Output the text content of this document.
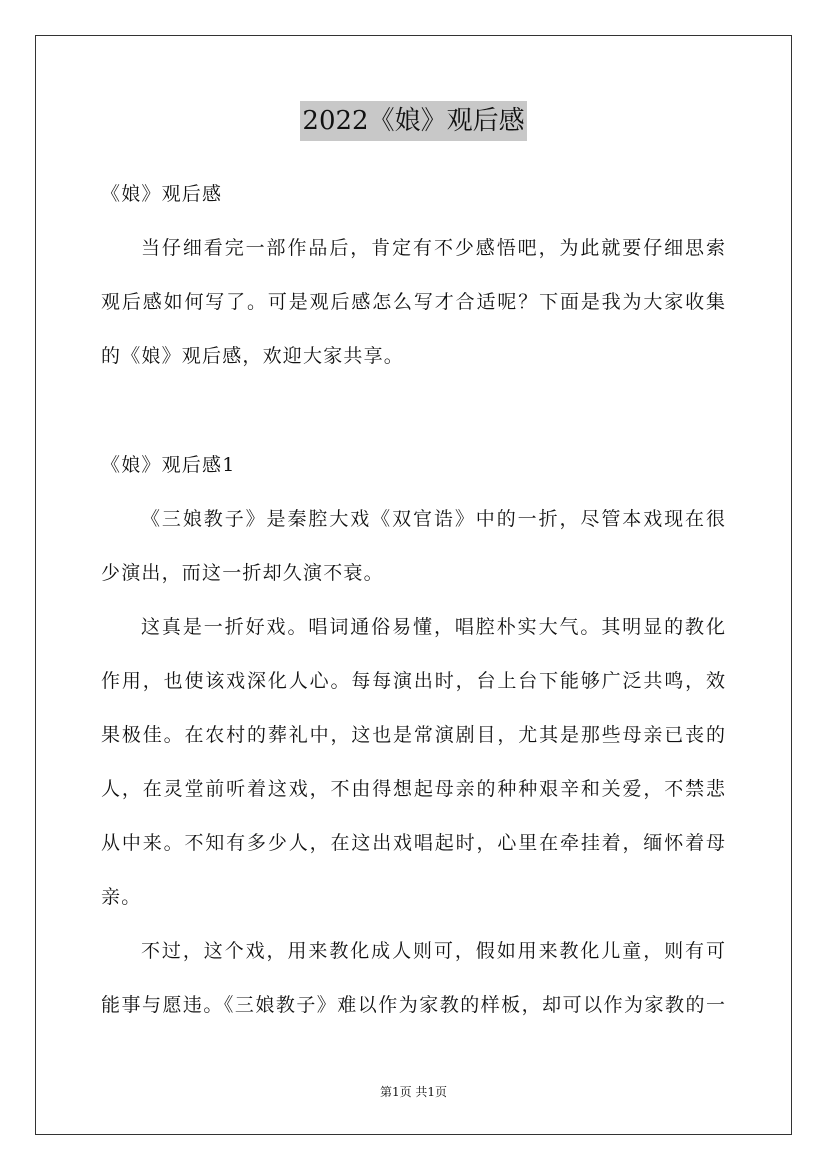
2022《娘》观后感
《娘》观后感
当仔细看完一部作品后，肯定有不少感悟吧，为此就要仔细思索
观后感如何写了。可是观后感怎么写才合适呢？下面是我为大家收集
的《娘》观后感，欢迎大家共享。
《娘》观后感1
《三娘教子》是秦腔大戏《双官诰》中的一折，尽管本戏现在很
少演出，而这一折却久演不衰。
这真是一折好戏。唱词通俗易懂，唱腔朴实大气。其明显的教化
作用，也使该戏深化人心。每每演出时，台上台下能够广泛共鸣，效
果极佳。在农村的葬礼中，这也是常演剧目，尤其是那些母亲已丧的
人，在灵堂前听着这戏，不由得想起母亲的种种艰辛和关爱，不禁悲
从中来。不知有多少人，在这出戏唱起时，心里在牵挂着，缅怀着母
亲。
不过，这个戏，用来教化成人则可，假如用来教化儿童，则有可
能事与愿违。《三娘教子》难以作为家教的样板，却可以作为家教的一
第1页 共1页
